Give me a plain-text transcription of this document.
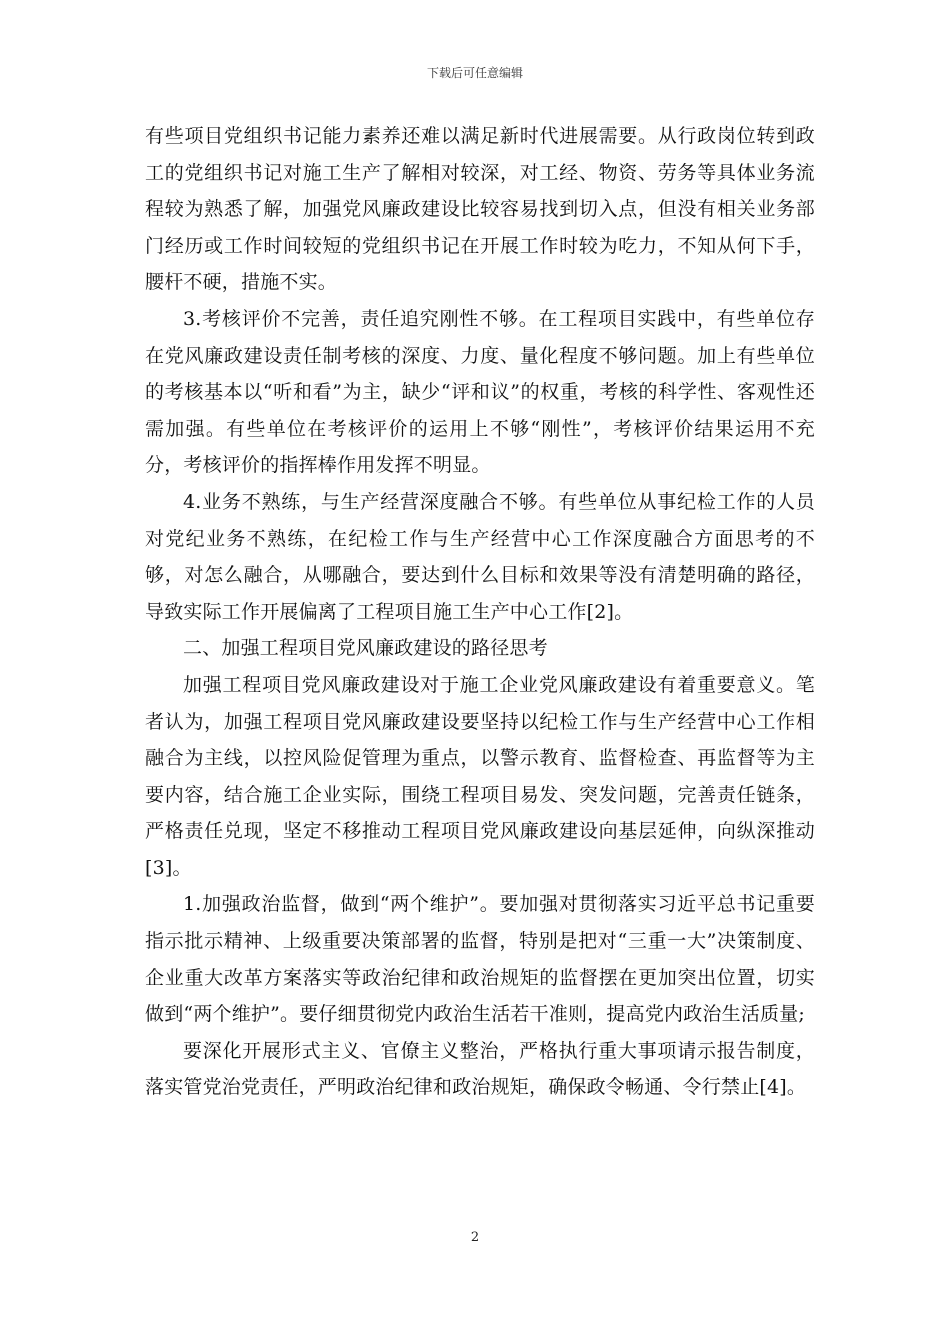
下载后可任意编辑

有些项目党组织书记能力素养还难以满足新时代进展需要。从行政岗位转到政工的党组织书记对施工生产了解相对较深，对工经、物资、劳务等具体业务流程较为熟悉了解，加强党风廉政建设比较容易找到切入点，但没有相关业务部门经历或工作时间较短的党组织书记在开展工作时较为吃力，不知从何下手，腰杆不硬，措施不实。

3.考核评价不完善，责任追究刚性不够。在工程项目实践中，有些单位存在党风廉政建设责任制考核的深度、力度、量化程度不够问题。加上有些单位的考核基本以“听和看”为主，缺少“评和议”的权重，考核的科学性、客观性还需加强。有些单位在考核评价的运用上不够“刚性”，考核评价结果运用不充分，考核评价的指挥棒作用发挥不明显。

4.业务不熟练，与生产经营深度融合不够。有些单位从事纪检工作的人员对党纪业务不熟练，在纪检工作与生产经营中心工作深度融合方面思考的不够，对怎么融合，从哪融合，要达到什么目标和效果等没有清楚明确的路径，导致实际工作开展偏离了工程项目施工生产中心工作[2]。

二、加强工程项目党风廉政建设的路径思考

加强工程项目党风廉政建设对于施工企业党风廉政建设有着重要意义。笔者认为，加强工程项目党风廉政建设要坚持以纪检工作与生产经营中心工作相融合为主线，以控风险促管理为重点，以警示教育、监督检查、再监督等为主要内容，结合施工企业实际，围绕工程项目易发、突发问题，完善责任链条，严格责任兑现，坚定不移推动工程项目党风廉政建设向基层延伸，向纵深推动[3]。

1.加强政治监督，做到“两个维护”。要加强对贯彻落实习近平总书记重要指示批示精神、上级重要决策部署的监督，特别是把对“三重一大”决策制度、企业重大改革方案落实等政治纪律和政治规矩的监督摆在更加突出位置，切实做到“两个维护”。要仔细贯彻党内政治生活若干准则，提高党内政治生活质量;

要深化开展形式主义、官僚主义整治，严格执行重大事项请示报告制度，落实管党治党责任，严明政治纪律和政治规矩，确保政令畅通、令行禁止[4]。

2
